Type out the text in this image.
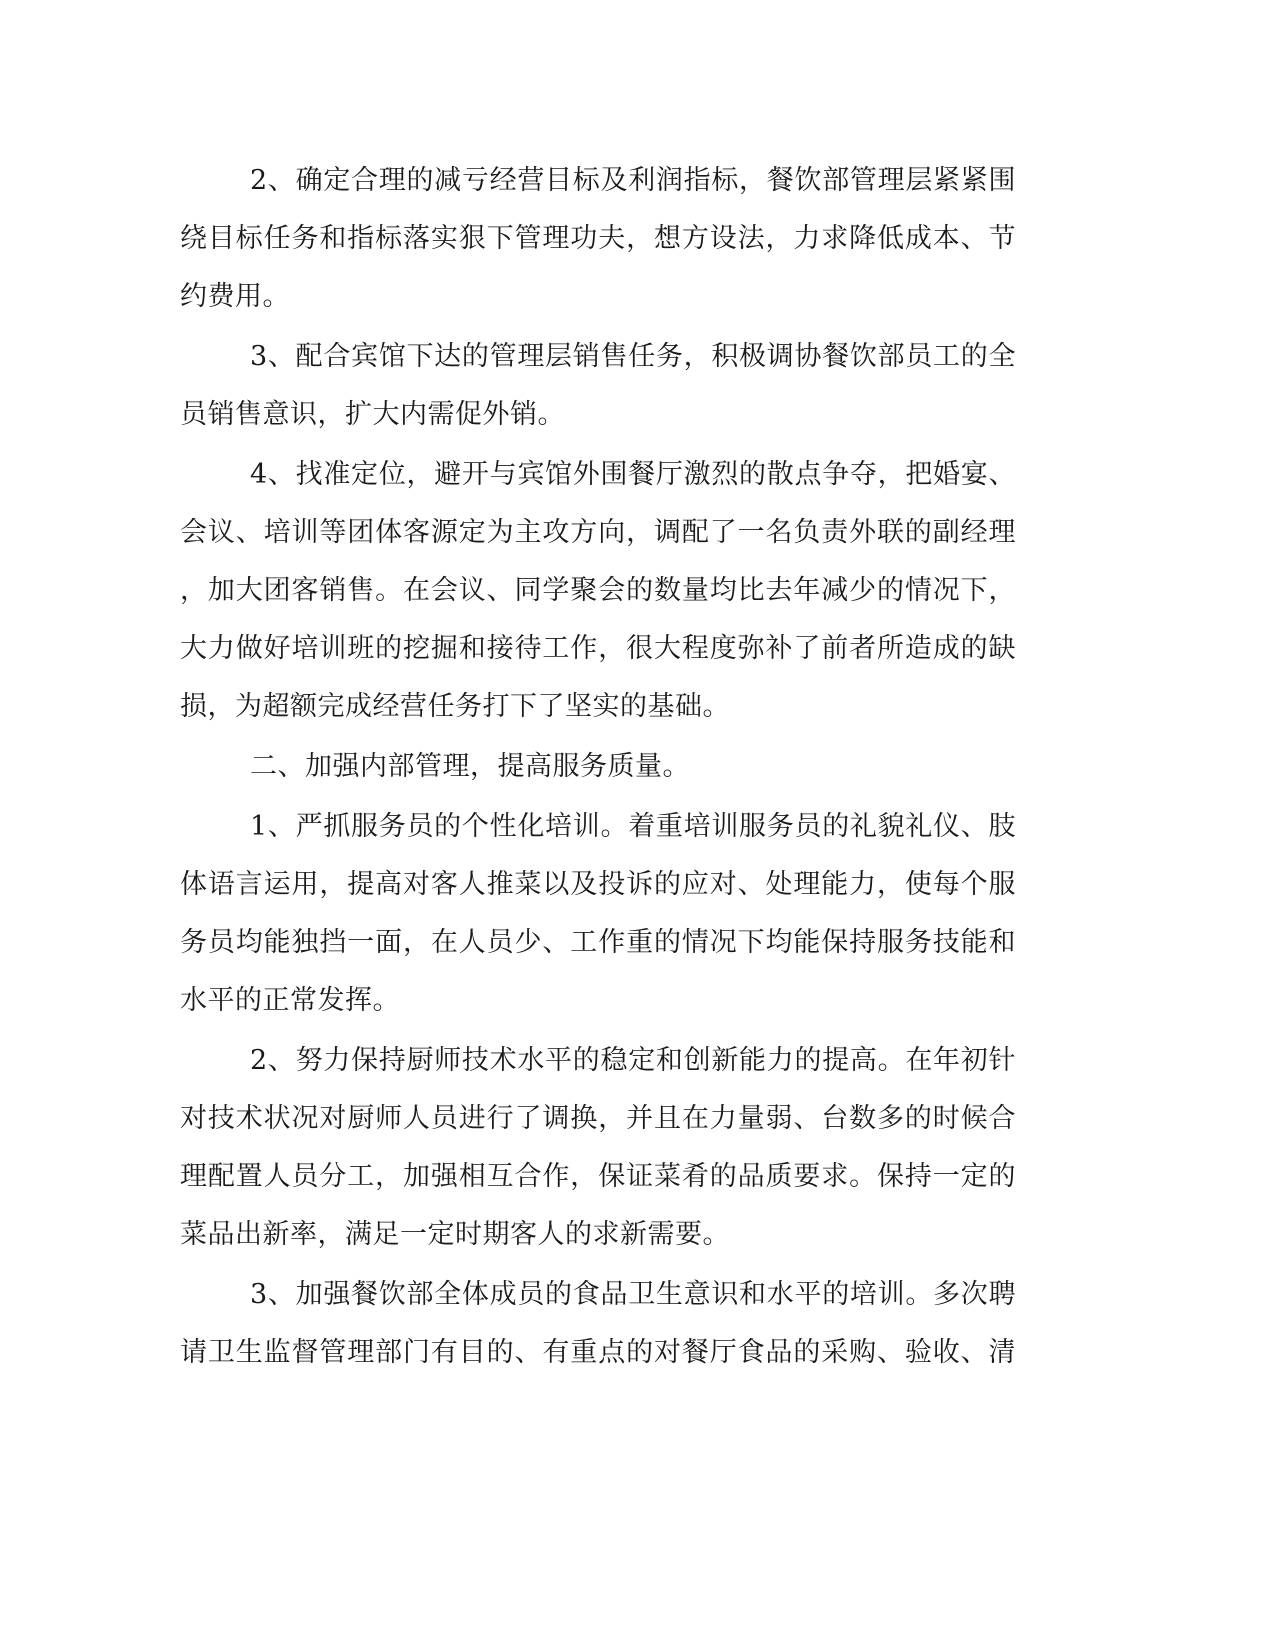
2、确定合理的减亏经营目标及利润指标，餐饮部管理层紧紧围

绕目标任务和指标落实狠下管理功夫，想方设法，力求降低成本、节

约费用。

3、配合宾馆下达的管理层销售任务，积极调协餐饮部员工的全

员销售意识，扩大内需促外销。

4、找准定位，避开与宾馆外围餐厅激烈的散点争夺，把婚宴、

会议、培训等团体客源定为主攻方向，调配了一名负责外联的副经理

，加大团客销售。在会议、同学聚会的数量均比去年减少的情况下，

大力做好培训班的挖掘和接待工作，很大程度弥补了前者所造成的缺

损，为超额完成经营任务打下了坚实的基础。

二、加强内部管理，提高服务质量。

1、严抓服务员的个性化培训。着重培训服务员的礼貌礼仪、肢

体语言运用，提高对客人推菜以及投诉的应对、处理能力，使每个服

务员均能独挡一面，在人员少、工作重的情况下均能保持服务技能和

水平的正常发挥。

2、努力保持厨师技术水平的稳定和创新能力的提高。在年初针

对技术状况对厨师人员进行了调换，并且在力量弱、台数多的时候合

理配置人员分工，加强相互合作，保证菜肴的品质要求。保持一定的

菜品出新率，满足一定时期客人的求新需要。

3、加强餐饮部全体成员的食品卫生意识和水平的培训。多次聘

请卫生监督管理部门有目的、有重点的对餐厅食品的采购、验收、清
